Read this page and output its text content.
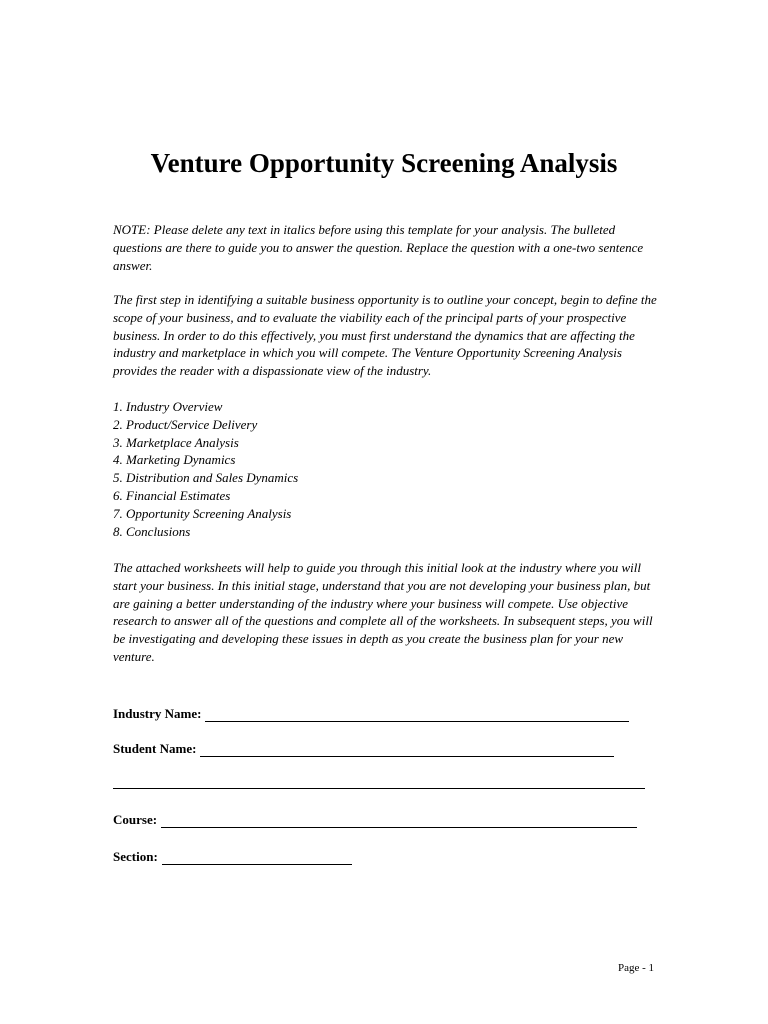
Venture Opportunity Screening Analysis

NOTE: Please delete any text in italics before using this template for your analysis. The bulleted questions are there to guide you to answer the question. Replace the question with a one-two sentence answer.

The first step in identifying a suitable business opportunity is to outline your concept, begin to define the scope of your business, and to evaluate the viability each of the principal parts of your prospective business. In order to do this effectively, you must first understand the dynamics that are affecting the industry and marketplace in which you will compete. The Venture Opportunity Screening Analysis provides the reader with a dispassionate view of the industry.

1. Industry Overview
2. Product/Service Delivery
3. Marketplace Analysis
4. Marketing Dynamics
5. Distribution and Sales Dynamics
6. Financial Estimates
7. Opportunity Screening Analysis
8. Conclusions

The attached worksheets will help to guide you through this initial look at the industry where you will start your business. In this initial stage, understand that you are not developing your business plan, but are gaining a better understanding of the industry where your business will compete. Use objective research to answer all of the questions and complete all of the worksheets. In subsequent steps, you will be investigating and developing these issues in depth as you create the business plan for your new venture.

Industry Name:
Student Name:
Course:
Section:
Page - 1
